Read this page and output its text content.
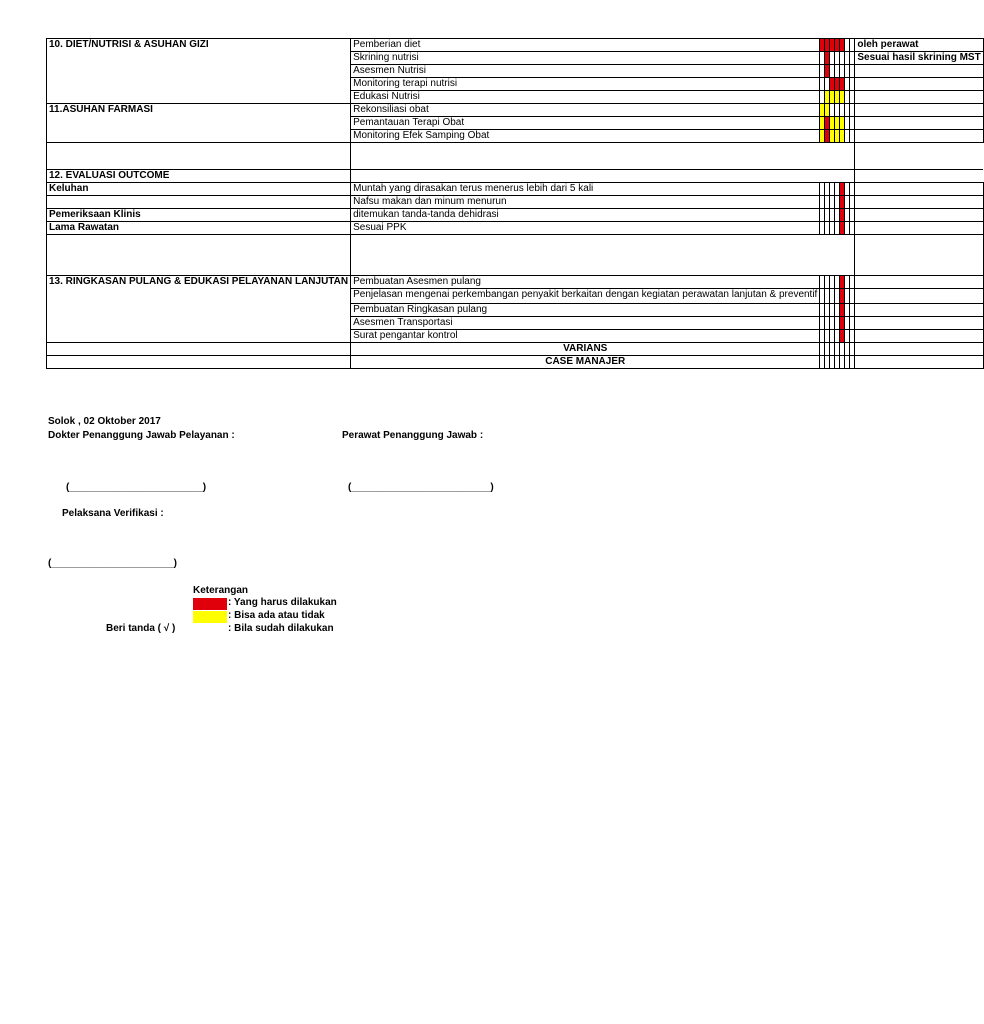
10. DIET/NUTRISI & ASUHAN GIZI	Pemberian diet								oleh perawat
	Skrining nutrisi								Sesuai hasil skrining MST
	Asesmen Nutrisi								
	Monitoring terapi nutrisi								
	Edukasi Nutrisi								
11.ASUHAN FARMASI	Rekonsiliasi obat								
	Pemantauan Terapi Obat								
	Monitoring Efek Samping Obat								

12. EVALUASI OUTCOME									
Keluhan	Muntah yang dirasakan terus menerus lebih dari 5 kali								
	Nafsu makan dan minum menurun								
Pemeriksaan Klinis	ditemukan tanda-tanda dehidrasi								
Lama Rawatan	Sesuai PPK								

13. RINGKASAN PULANG & EDUKASI PELAYANAN LANJUTAN	Pembuatan Asesmen pulang								
	Penjelasan mengenai perkembangan penyakit berkaitan dengan kegiatan perawatan lanjutan & preventif								
	Pembuatan Ringkasan pulang								
	Asesmen Transportasi								
	Surat pengantar kontrol								
	VARIANS								
	CASE MANAJER								
Solok , 02 Oktober 2017
Dokter Penanggung Jawab Pelayanan :	Perawat Penanggung Jawab :
(________________________)	(_________________________)
Pelaksana Verifikasi :
(______________________)
Keterangan
: Yang harus dilakukan
: Bisa ada atau tidak
Beri tanda ( √ )	: Bila sudah dilakukan
